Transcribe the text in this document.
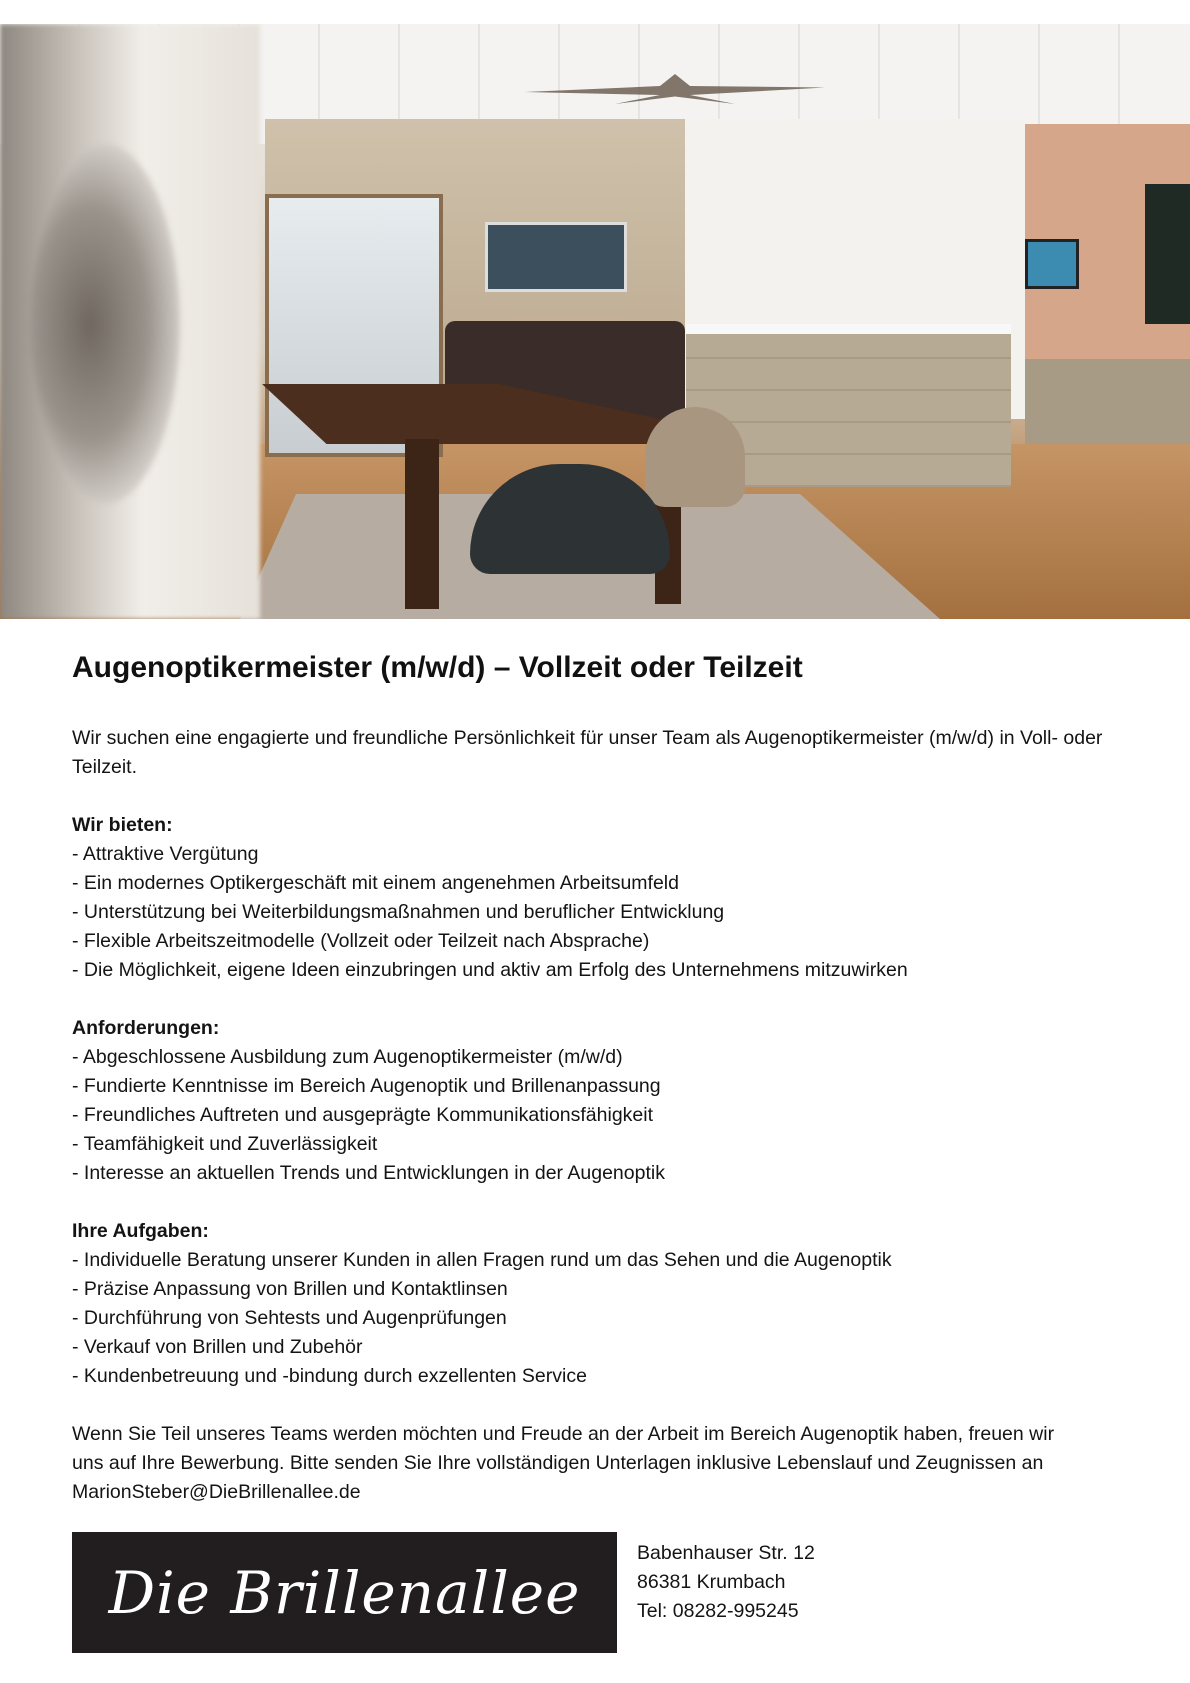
Augenoptikermeister (m/w/d) – Vollzeit oder Teilzeit

Wir suchen eine engagierte und freundliche Persönlichkeit für unser Team als Augenoptikermeister (m/w/d) in Voll- oder Teilzeit.

Wir bieten:

- Attraktive Vergütung
- Ein modernes Optikergeschäft mit einem angenehmen Arbeitsumfeld
- Unterstützung bei Weiterbildungsmaßnahmen und beruflicher Entwicklung
- Flexible Arbeitszeitmodelle (Vollzeit oder Teilzeit nach Absprache)
- Die Möglichkeit, eigene Ideen einzubringen und aktiv am Erfolg des Unternehmens mitzuwirken

Anforderungen:

- Abgeschlossene Ausbildung zum Augenoptikermeister (m/w/d)
- Fundierte Kenntnisse im Bereich Augenoptik und Brillenanpassung
- Freundliches Auftreten und ausgeprägte Kommunikationsfähigkeit
- Teamfähigkeit und Zuverlässigkeit
- Interesse an aktuellen Trends und Entwicklungen in der Augenoptik

Ihre Aufgaben:

- Individuelle Beratung unserer Kunden in allen Fragen rund um das Sehen und die Augenoptik
- Präzise Anpassung von Brillen und Kontaktlinsen
- Durchführung von Sehtests und Augenprüfungen
- Verkauf von Brillen und Zubehör
- Kundenbetreuung und -bindung durch exzellenten Service

Wenn Sie Teil unseres Teams werden möchten und Freude an der Arbeit im Bereich Augenoptik haben, freuen wir

uns auf Ihre Bewerbung. Bitte senden Sie Ihre vollständigen Unterlagen inklusive Lebenslauf und Zeugnissen an

MarionSteber@DieBrillenallee.de

Die Brillenallee
Babenhauser Str. 12
86381 Krumbach
Tel: 08282-995245
